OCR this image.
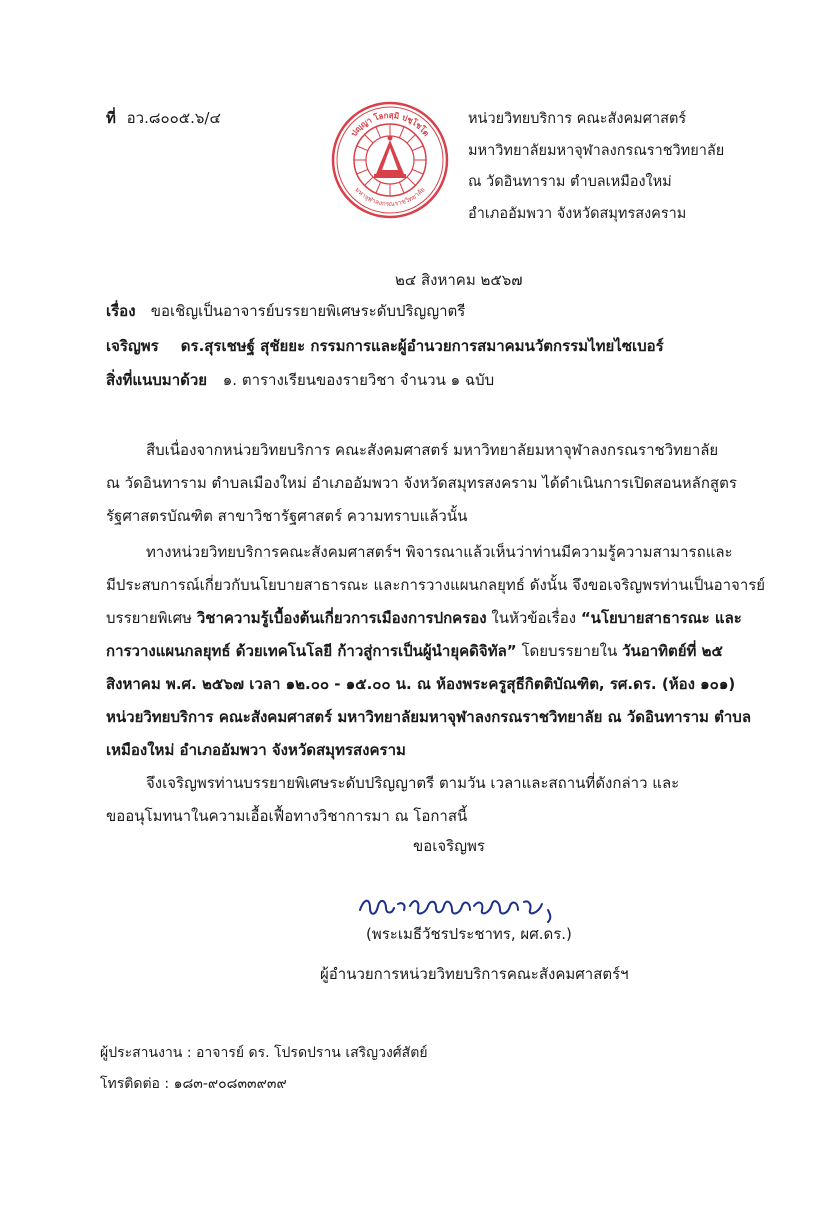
ที่ อว.๘๐๐๕.๖/๔
ปญฺญา โลกสฺมิ ปชฺโชโต
มหาจุฬาลงกรณราชวิทยาลัย
หน่วยวิทยบริการ คณะสังคมศาสตร์
มหาวิทยาลัยมหาจุฬาลงกรณราชวิทยาลัย
ณ วัดอินทาราม ตำบลเหมืองใหม่
อำเภออัมพวา จังหวัดสมุทรสงคราม
๒๔ สิงหาคม ๒๕๖๗
เรื่อง ขอเชิญเป็นอาจารย์บรรยายพิเศษระดับปริญญาตรี
เจริญพร ดร.สุรเชษฐ์ สุชัยยะ กรรมการและผู้อำนวยการสมาคมนวัตกรรมไทยไซเบอร์
สิ่งที่แนบมาด้วย ๑. ตารางเรียนของรายวิชา จำนวน ๑ ฉบับ
สืบเนื่องจากหน่วยวิทยบริการ คณะสังคมศาสตร์ มหาวิทยาลัยมหาจุฬาลงกรณราชวิทยาลัย
ณ วัดอินทาราม ตำบลเมืองใหม่ อำเภออัมพวา จังหวัดสมุทรสงคราม ได้ดำเนินการเปิดสอนหลักสูตร
รัฐศาสตรบัณฑิต สาขาวิชารัฐศาสตร์ ความทราบแล้วนั้น
ทางหน่วยวิทยบริการคณะสังคมศาสตร์ฯ พิจารณาแล้วเห็นว่าท่านมีความรู้ความสามารถและ
มีประสบการณ์เกี่ยวกับนโยบายสาธารณะ และการวางแผนกลยุทธ์ ดังนั้น จึงขอเจริญพรท่านเป็นอาจารย์
บรรยายพิเศษ วิชาความรู้เบื้องต้นเกี่ยวการเมืองการปกครอง ในหัวข้อเรื่อง “นโยบายสาธารณะ และ
การวางแผนกลยุทธ์ ด้วยเทคโนโลยี ก้าวสู่การเป็นผู้นำยุคดิจิทัล” โดยบรรยายใน วันอาทิตย์ที่ ๒๕
สิงหาคม พ.ศ. ๒๕๖๗ เวลา ๑๒.๐๐ - ๑๕.๐๐ น. ณ ห้องพระครูสุธีกิตติบัณฑิต, รศ.ดร. (ห้อง ๑๐๑)
หน่วยวิทยบริการ คณะสังคมศาสตร์ มหาวิทยาลัยมหาจุฬาลงกรณราชวิทยาลัย ณ วัดอินทาราม ตำบล
เหมืองใหม่ อำเภออัมพวา จังหวัดสมุทรสงคราม
จึงเจริญพรท่านบรรยายพิเศษระดับปริญญาตรี ตามวัน เวลาและสถานที่ดังกล่าว และ
ขออนุโมทนาในความเอื้อเฟื้อทางวิชาการมา ณ โอกาสนี้
ขอเจริญพร
(พระเมธีวัชรประชาทร, ผศ.ดร.)
ผู้อำนวยการหน่วยวิทยบริการคณะสังคมศาสตร์ฯ
ผู้ประสานงาน : อาจารย์ ดร. โปรดปราน เสริญวงศ์สัตย์
โทรติดต่อ : ๑๘๓-๙๐๘๓๓๙๓๙
